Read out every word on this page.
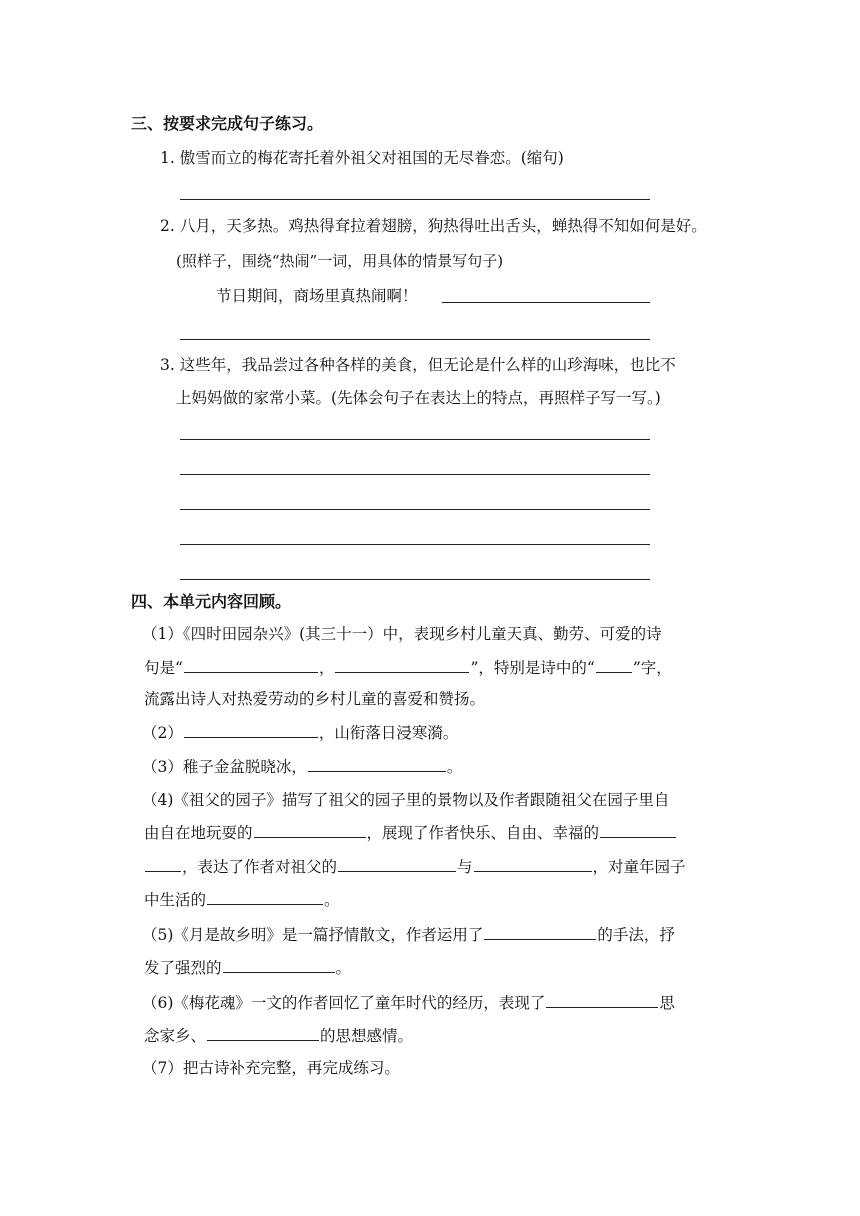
三、按要求完成句子练习。
1. 傲雪而立的梅花寄托着外祖父对祖国的无尽眷恋。(缩句)
2. 八月，天多热。鸡热得耷拉着翅膀，狗热得吐出舌头，蝉热得不知如何是好。
(照样子，围绕“热闹”一词，用具体的情景写句子)
节日期间，商场里真热闹啊！
3. 这些年，我品尝过各种各样的美食，但无论是什么样的山珍海味，也比不
上妈妈做的家常小菜。(先体会句子在表达上的特点，再照样子写一写。)
四、本单元内容回顾。
（1）《四时田园杂兴》(其三十一）中，表现乡村儿童天真、勤劳、可爱的诗
句是“	，	”，特别是诗中的“ ”字，
流露出诗人对热爱劳动的乡村儿童的喜爱和赞扬。
（2）	，山衔落日浸寒漪。
（3）稚子金盆脱晓冰，	。
（4)《祖父的园子》描写了祖父的园子里的景物以及作者跟随祖父在园子里自
由自在地玩耍的	，展现了作者快乐、自由、幸福的
，表达了作者对祖父的	与	，对童年园子
中生活的	。
（5)《月是故乡明》是一篇抒情散文，作者运用了	的手法，抒
发了强烈的	。
（6)《梅花魂》一文的作者回忆了童年时代的经历，表现了	思
念家乡、	的思想感情。
（7）把古诗补充完整，再完成练习。
